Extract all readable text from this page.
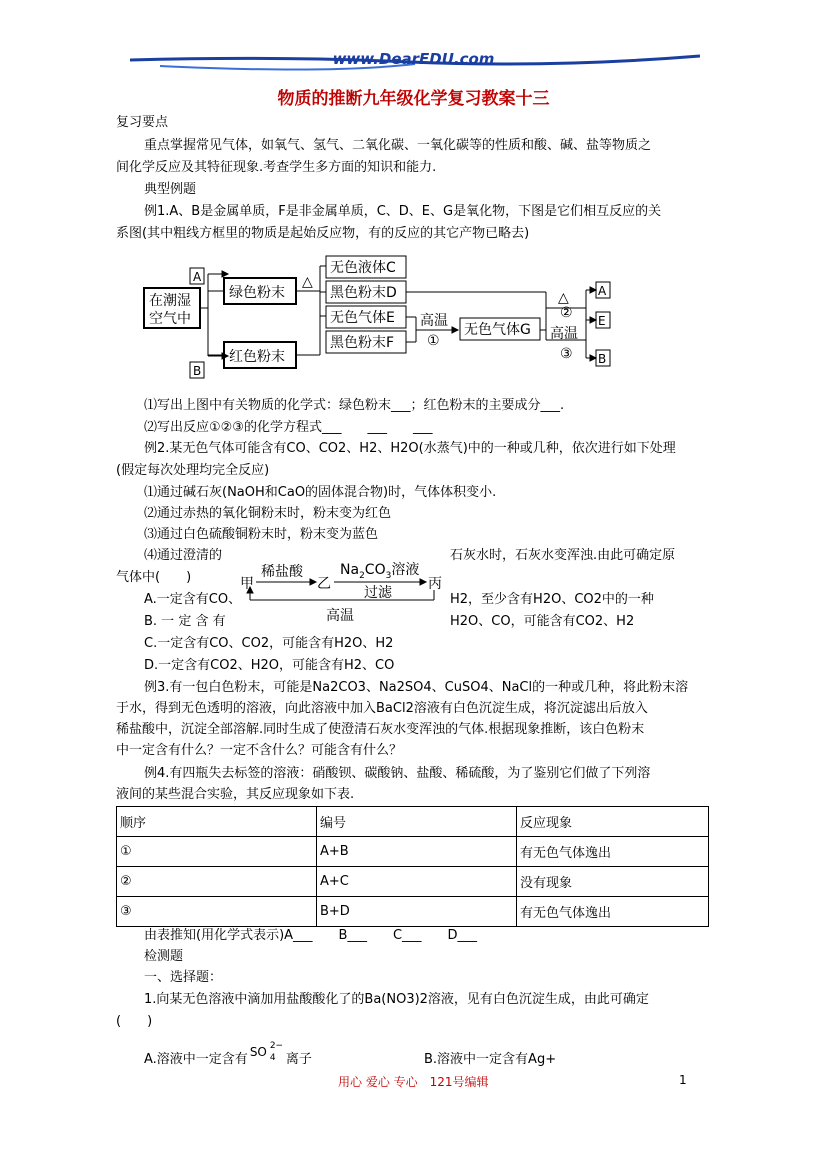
www.DearEDU.com
物质的推断九年级化学复习教案十三
复习要点
重点掌握常见气体，如氧气、氢气、二氧化碳、一氧化碳等的性质和酸、碱、盐等物质之
间化学反应及其特征现象.考查学生多方面的知识和能力.
典型例题
例1.A、B是金属单质，F是非金属单质，C、D、E、G是氧化物，下图是它们相互反应的关
系图(其中粗线方框里的物质是起始反应物，有的反应的其它产物已略去)
在潮湿
空气中
A
B
绿色粉末
红色粉末
△
无色液体C
黑色粉末D
无色气体E
黑色粉末F
高温
①
无色气体G
△
②
高温
③
A
E
B
⑴写出上图中有关物质的化学式：绿色粉末___；红色粉末的主要成分___.
⑵写出反应①②③的化学方程式___　　___　　___
例2.某无色气体可能含有CO、CO2、H2、H2O(水蒸气)中的一种或几种，依次进行如下处理
(假定每次处理均完全反应)
⑴通过碱石灰(NaOH和CaO的固体混合物)时，气体体积变小.
⑵通过赤热的氧化铜粉末时，粉末变为红色
⑶通过白色硫酸铜粉末时，粉末变为蓝色
⑷通过澄清的	石灰水时，石灰水变浑浊.由此可确定原
气体中(　　)	甲	乙	丙
稀盐酸	$Na_2CO_3$溶液
过滤
高温
A.一定含有CO、	H2，至少含有H2O、CO2中的一种
B. 一 定 含 有	H2O、CO，可能含有CO2、H2
C.一定含有CO、CO2，可能含有H2O、H2
D.一定含有CO2、H2O，可能含有H2、CO
例3.有一包白色粉末，可能是Na2CO3、Na2SO4、CuSO4、NaCl的一种或几种，将此粉末溶
于水，得到无色透明的溶液，向此溶液中加入BaCl2溶液有白色沉淀生成，将沉淀滤出后放入
稀盐酸中，沉淀全部溶解.同时生成了使澄清石灰水变浑浊的气体.根据现象推断，该白色粉末
中一定含有什么？一定不含什么？可能含有什么？
例4.有四瓶失去标签的溶液：硝酸钡、碳酸钠、盐酸、稀硫酸，为了鉴别它们做了下列溶
液间的某些混合实验，其反应现象如下表.
顺序	编号	反应现象
①	A+B	有无色气体逸出
②	A+C	没有现象
③	B+D	有无色气体逸出
由表推知(用化学式表示)A___　　B___　　C___　　D___
检测题
一、选择题：
1.向某无色溶液中滴加用盐酸酸化了的Ba(NO3)2溶液，见有白色沉淀生成，由此可确定
(　　)
A.溶液中一定含有 SO 2−
4 离子	B.溶液中一定含有Ag+
用心 爱心 专心　121号编辑	1
